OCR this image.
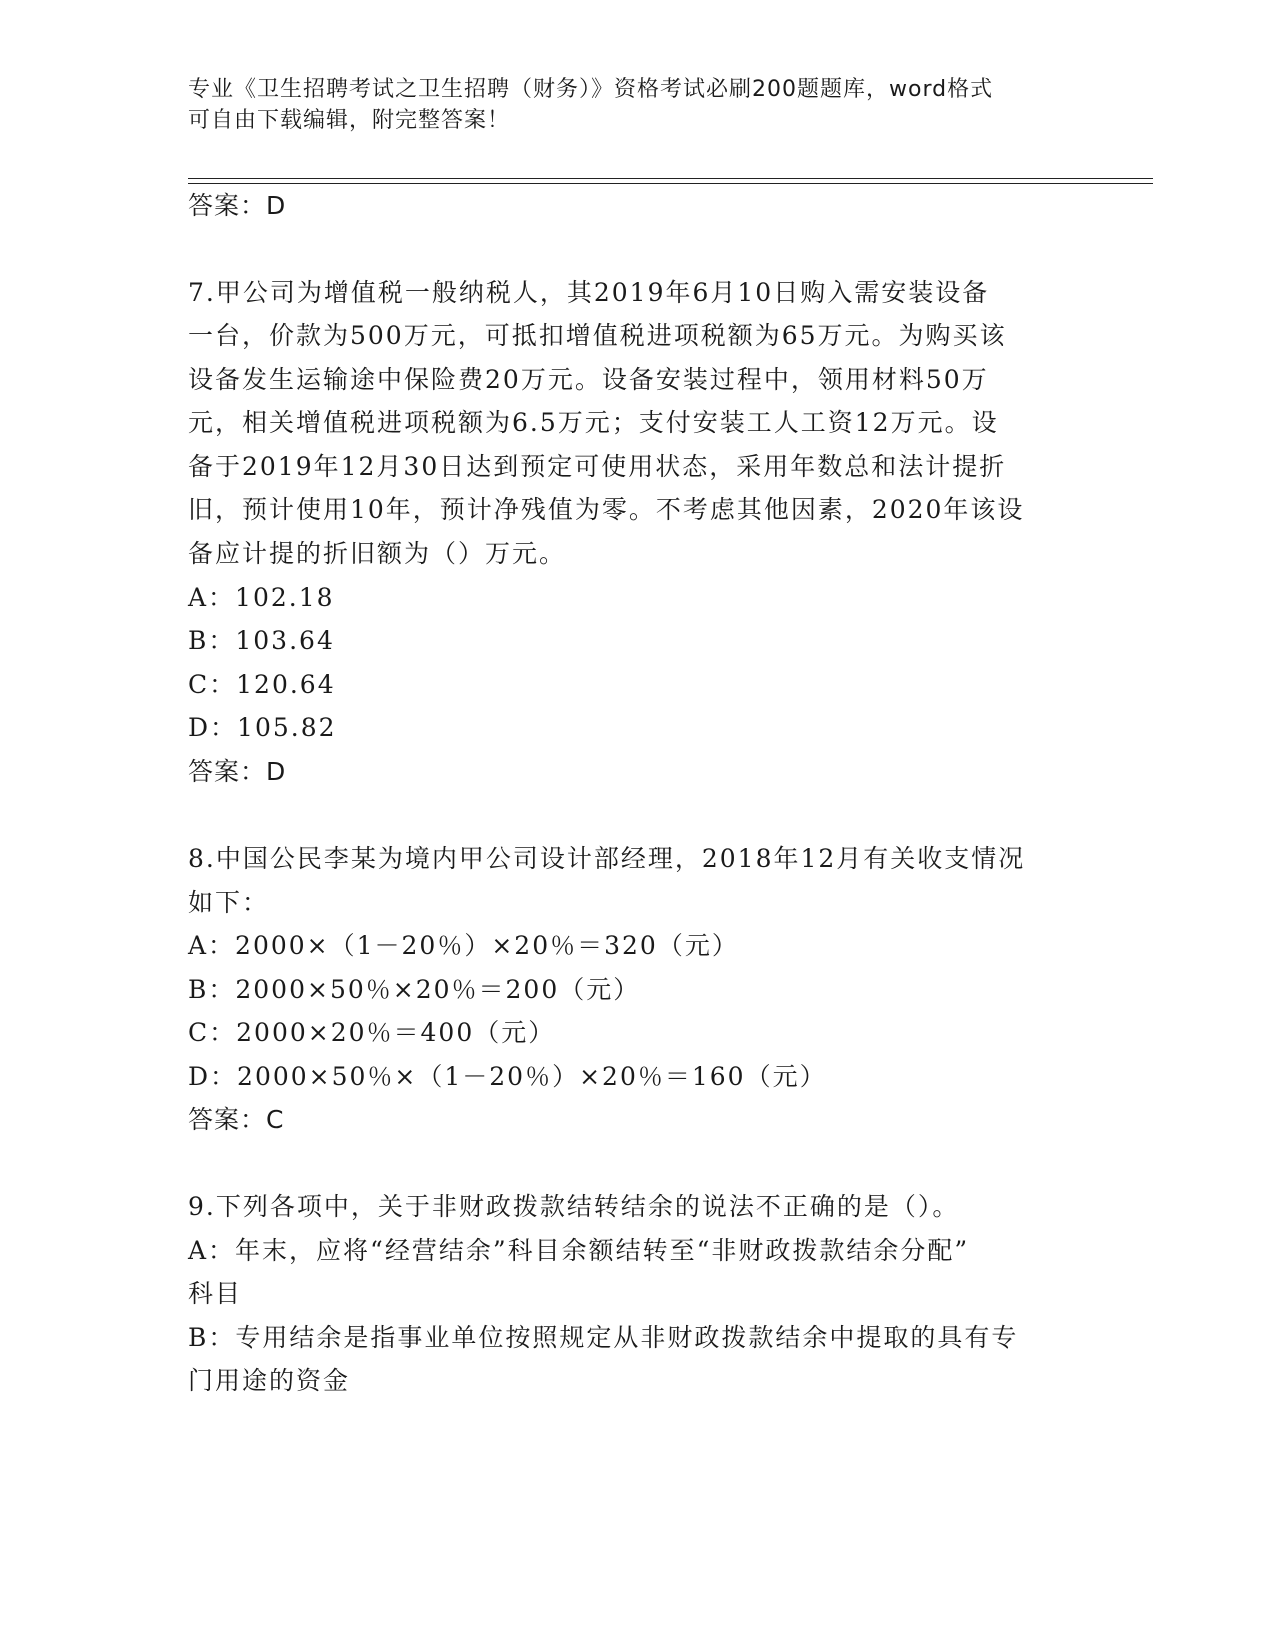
专业《卫生招聘考试之卫生招聘（财务）》资格考试必刷200题题库，word格式
可自由下载编辑，附完整答案！
答案：D
7.甲公司为增值税一般纳税人，其2019年6月10日购入需安装设备
一台，价款为500万元，可抵扣增值税进项税额为65万元。为购买该
设备发生运输途中保险费20万元。设备安装过程中，领用材料50万
元，相关增值税进项税额为6.5万元；支付安装工人工资12万元。设
备于2019年12月30日达到预定可使用状态，采用年数总和法计提折
旧，预计使用10年，预计净残值为零。不考虑其他因素，2020年该设
备应计提的折旧额为（）万元。
A：102.18
B：103.64
C：120.64
D：105.82
答案：D
8.中国公民李某为境内甲公司设计部经理，2018年12月有关收支情况
如下：
A：2000×（1－20％）×20％＝320（元）
B：2000×50％×20％＝200（元）
C：2000×20％＝400（元）
D：2000×50％×（1－20％）×20％＝160（元）
答案：C
9.下列各项中，关于非财政拨款结转结余的说法不正确的是（）。
A：年末，应将“经营结余”科目余额结转至“非财政拨款结余分配”
科目
B：专用结余是指事业单位按照规定从非财政拨款结余中提取的具有专
门用途的资金
